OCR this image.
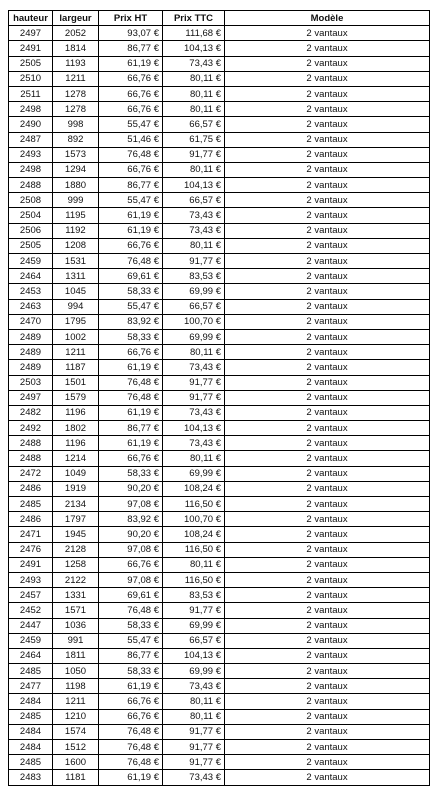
hauteur	largeur	Prix HT	Prix TTC	Modèle
2497	2052	93,07 €	111,68 €	2 vantaux
2491	1814	86,77 €	104,13 €	2 vantaux
2505	1193	61,19 €	73,43 €	2 vantaux
2510	1211	66,76 €	80,11 €	2 vantaux
2511	1278	66,76 €	80,11 €	2 vantaux
2498	1278	66,76 €	80,11 €	2 vantaux
2490	998	55,47 €	66,57 €	2 vantaux
2487	892	51,46 €	61,75 €	2 vantaux
2493	1573	76,48 €	91,77 €	2 vantaux
2498	1294	66,76 €	80,11 €	2 vantaux
2488	1880	86,77 €	104,13 €	2 vantaux
2508	999	55,47 €	66,57 €	2 vantaux
2504	1195	61,19 €	73,43 €	2 vantaux
2506	1192	61,19 €	73,43 €	2 vantaux
2505	1208	66,76 €	80,11 €	2 vantaux
2459	1531	76,48 €	91,77 €	2 vantaux
2464	1311	69,61 €	83,53 €	2 vantaux
2453	1045	58,33 €	69,99 €	2 vantaux
2463	994	55,47 €	66,57 €	2 vantaux
2470	1795	83,92 €	100,70 €	2 vantaux
2489	1002	58,33 €	69,99 €	2 vantaux
2489	1211	66,76 €	80,11 €	2 vantaux
2489	1187	61,19 €	73,43 €	2 vantaux
2503	1501	76,48 €	91,77 €	2 vantaux
2497	1579	76,48 €	91,77 €	2 vantaux
2482	1196	61,19 €	73,43 €	2 vantaux
2492	1802	86,77 €	104,13 €	2 vantaux
2488	1196	61,19 €	73,43 €	2 vantaux
2488	1214	66,76 €	80,11 €	2 vantaux
2472	1049	58,33 €	69,99 €	2 vantaux
2486	1919	90,20 €	108,24 €	2 vantaux
2485	2134	97,08 €	116,50 €	2 vantaux
2486	1797	83,92 €	100,70 €	2 vantaux
2471	1945	90,20 €	108,24 €	2 vantaux
2476	2128	97,08 €	116,50 €	2 vantaux
2491	1258	66,76 €	80,11 €	2 vantaux
2493	2122	97,08 €	116,50 €	2 vantaux
2457	1331	69,61 €	83,53 €	2 vantaux
2452	1571	76,48 €	91,77 €	2 vantaux
2447	1036	58,33 €	69,99 €	2 vantaux
2459	991	55,47 €	66,57 €	2 vantaux
2464	1811	86,77 €	104,13 €	2 vantaux
2485	1050	58,33 €	69,99 €	2 vantaux
2477	1198	61,19 €	73,43 €	2 vantaux
2484	1211	66,76 €	80,11 €	2 vantaux
2485	1210	66,76 €	80,11 €	2 vantaux
2484	1574	76,48 €	91,77 €	2 vantaux
2484	1512	76,48 €	91,77 €	2 vantaux
2485	1600	76,48 €	91,77 €	2 vantaux
2483	1181	61,19 €	73,43 €	2 vantaux
